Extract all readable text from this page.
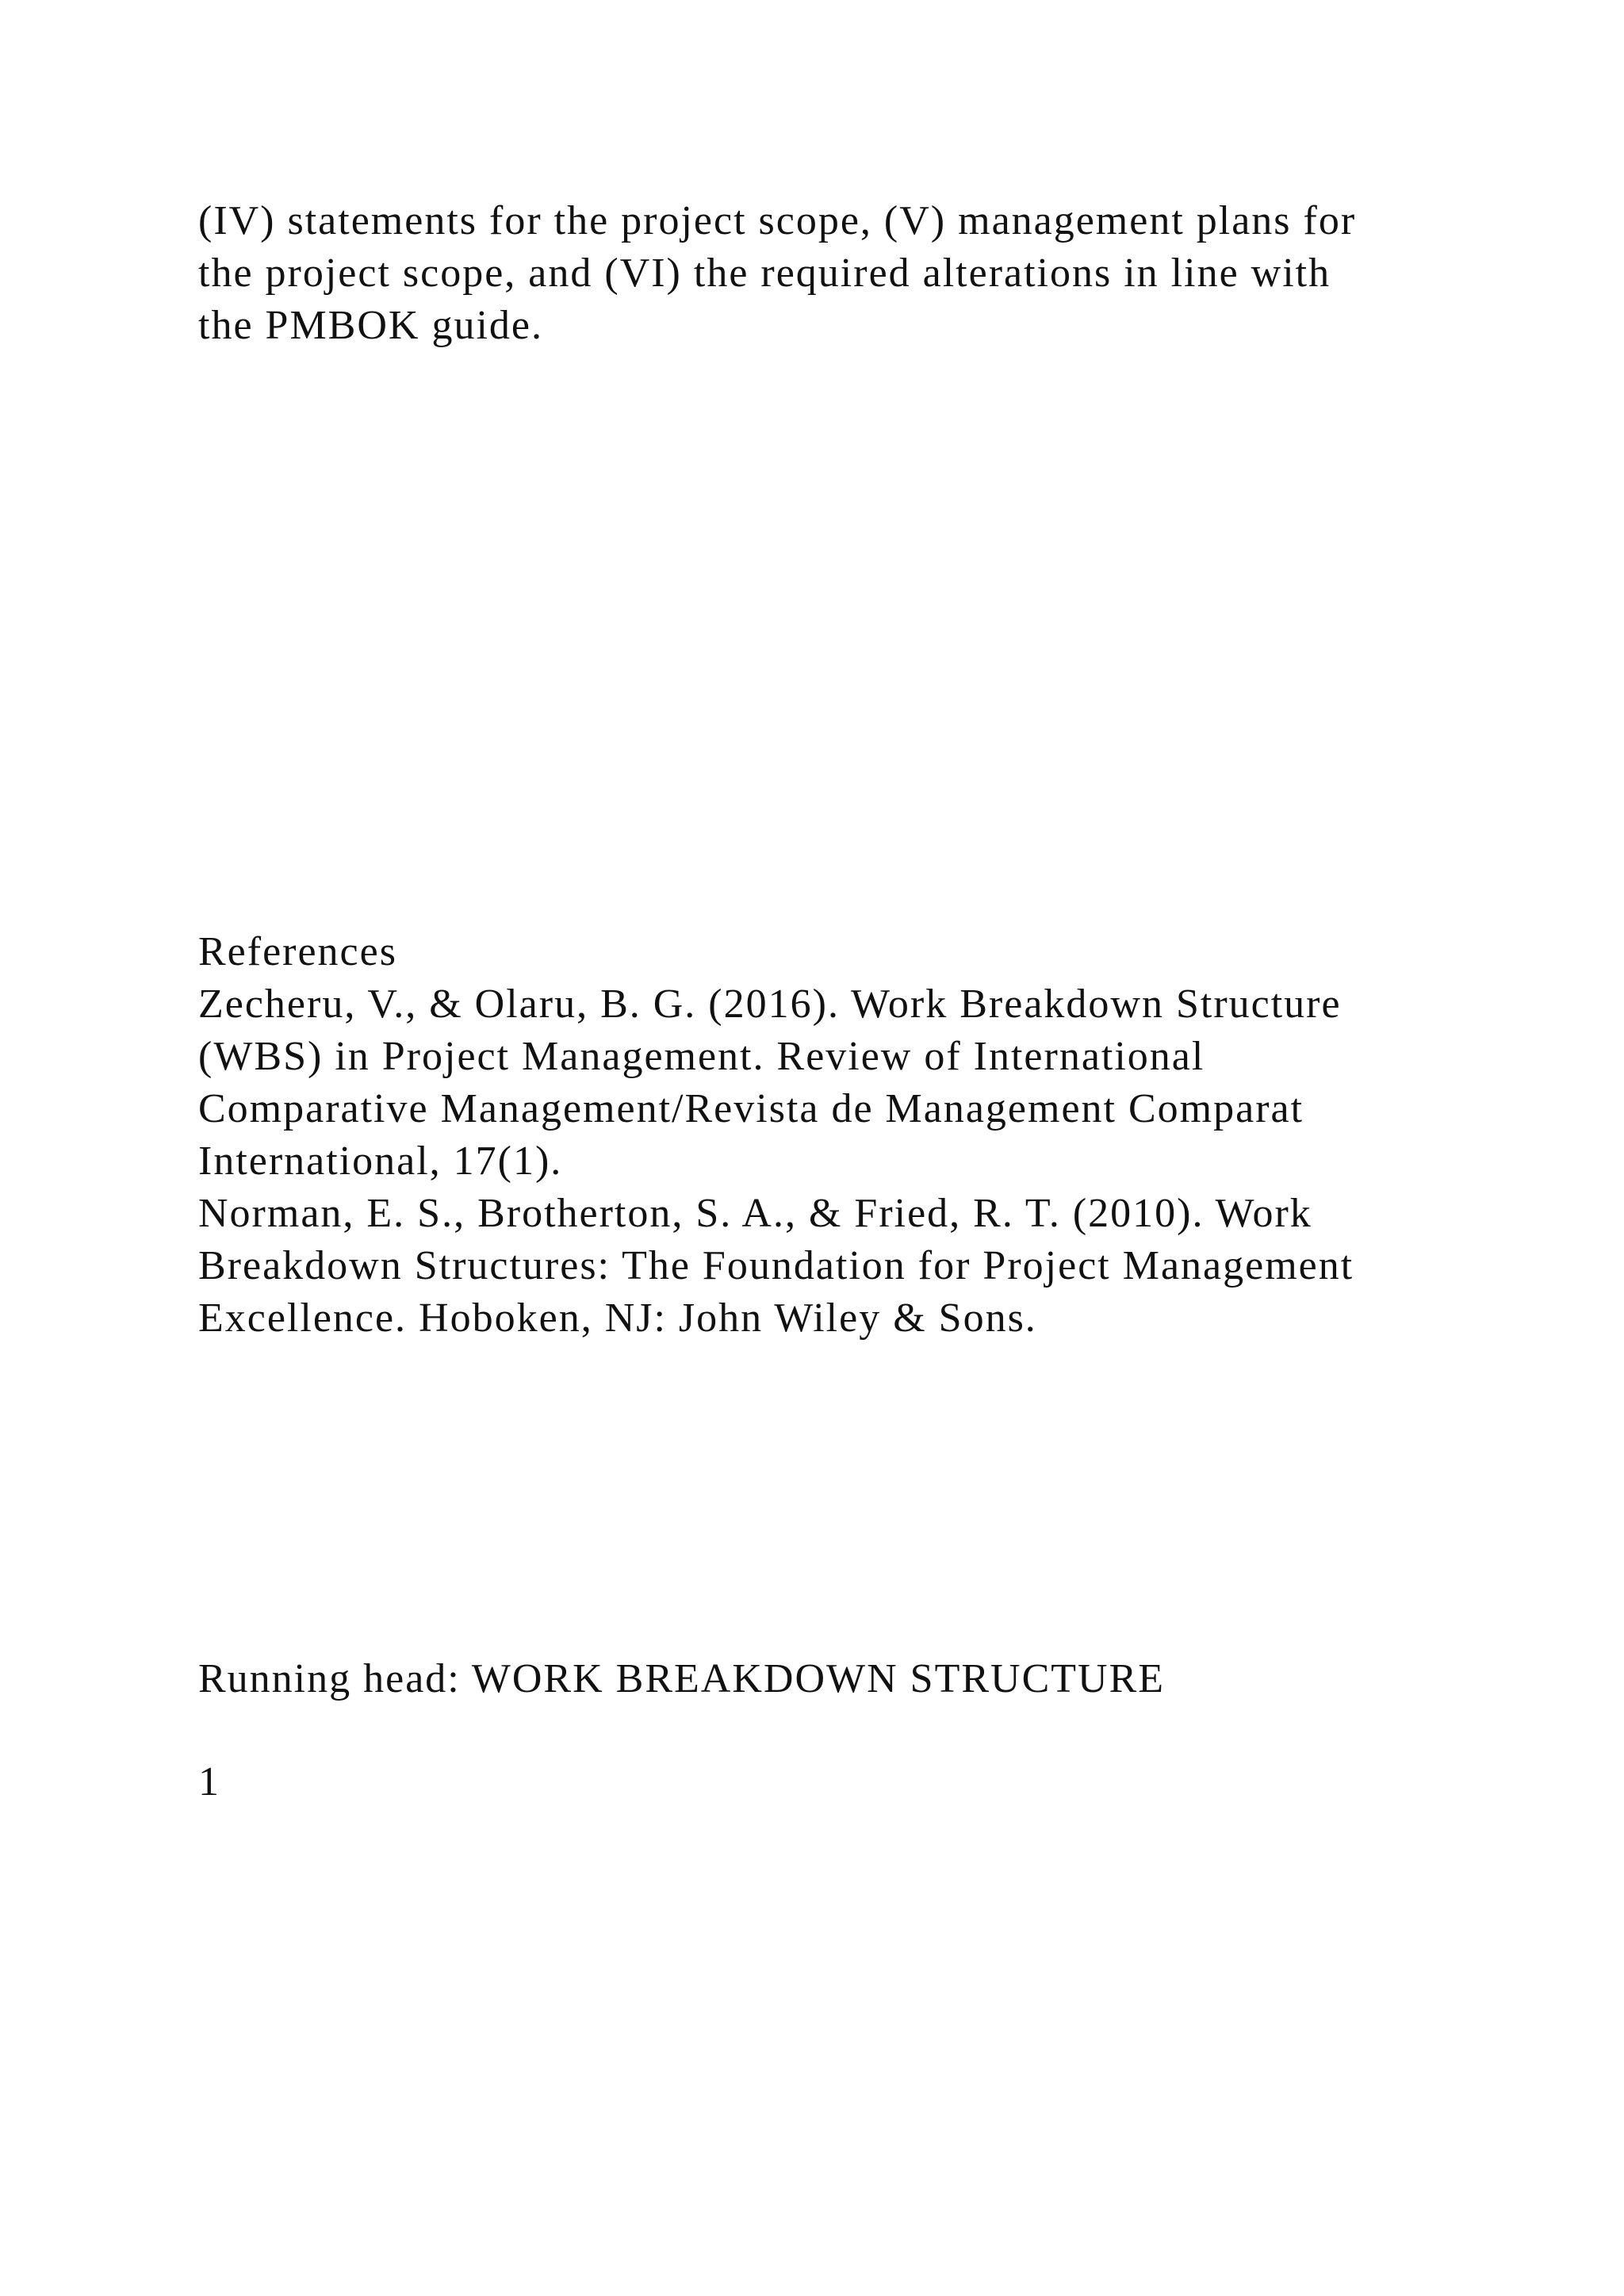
(IV) statements for the project scope, (V) management plans for
the project scope, and (VI) the required alterations in line with
the PMBOK guide.
References
Zecheru, V., & Olaru, B. G. (2016). Work Breakdown Structure
(WBS) in Project Management. Review of International
Comparative Management/Revista de Management Comparat
International, 17(1).
Norman, E. S., Brotherton, S. A., & Fried, R. T. (2010). Work
Breakdown Structures: The Foundation for Project Management
Excellence. Hoboken, NJ: John Wiley & Sons.
Running head: WORK BREAKDOWN STRUCTURE
1
